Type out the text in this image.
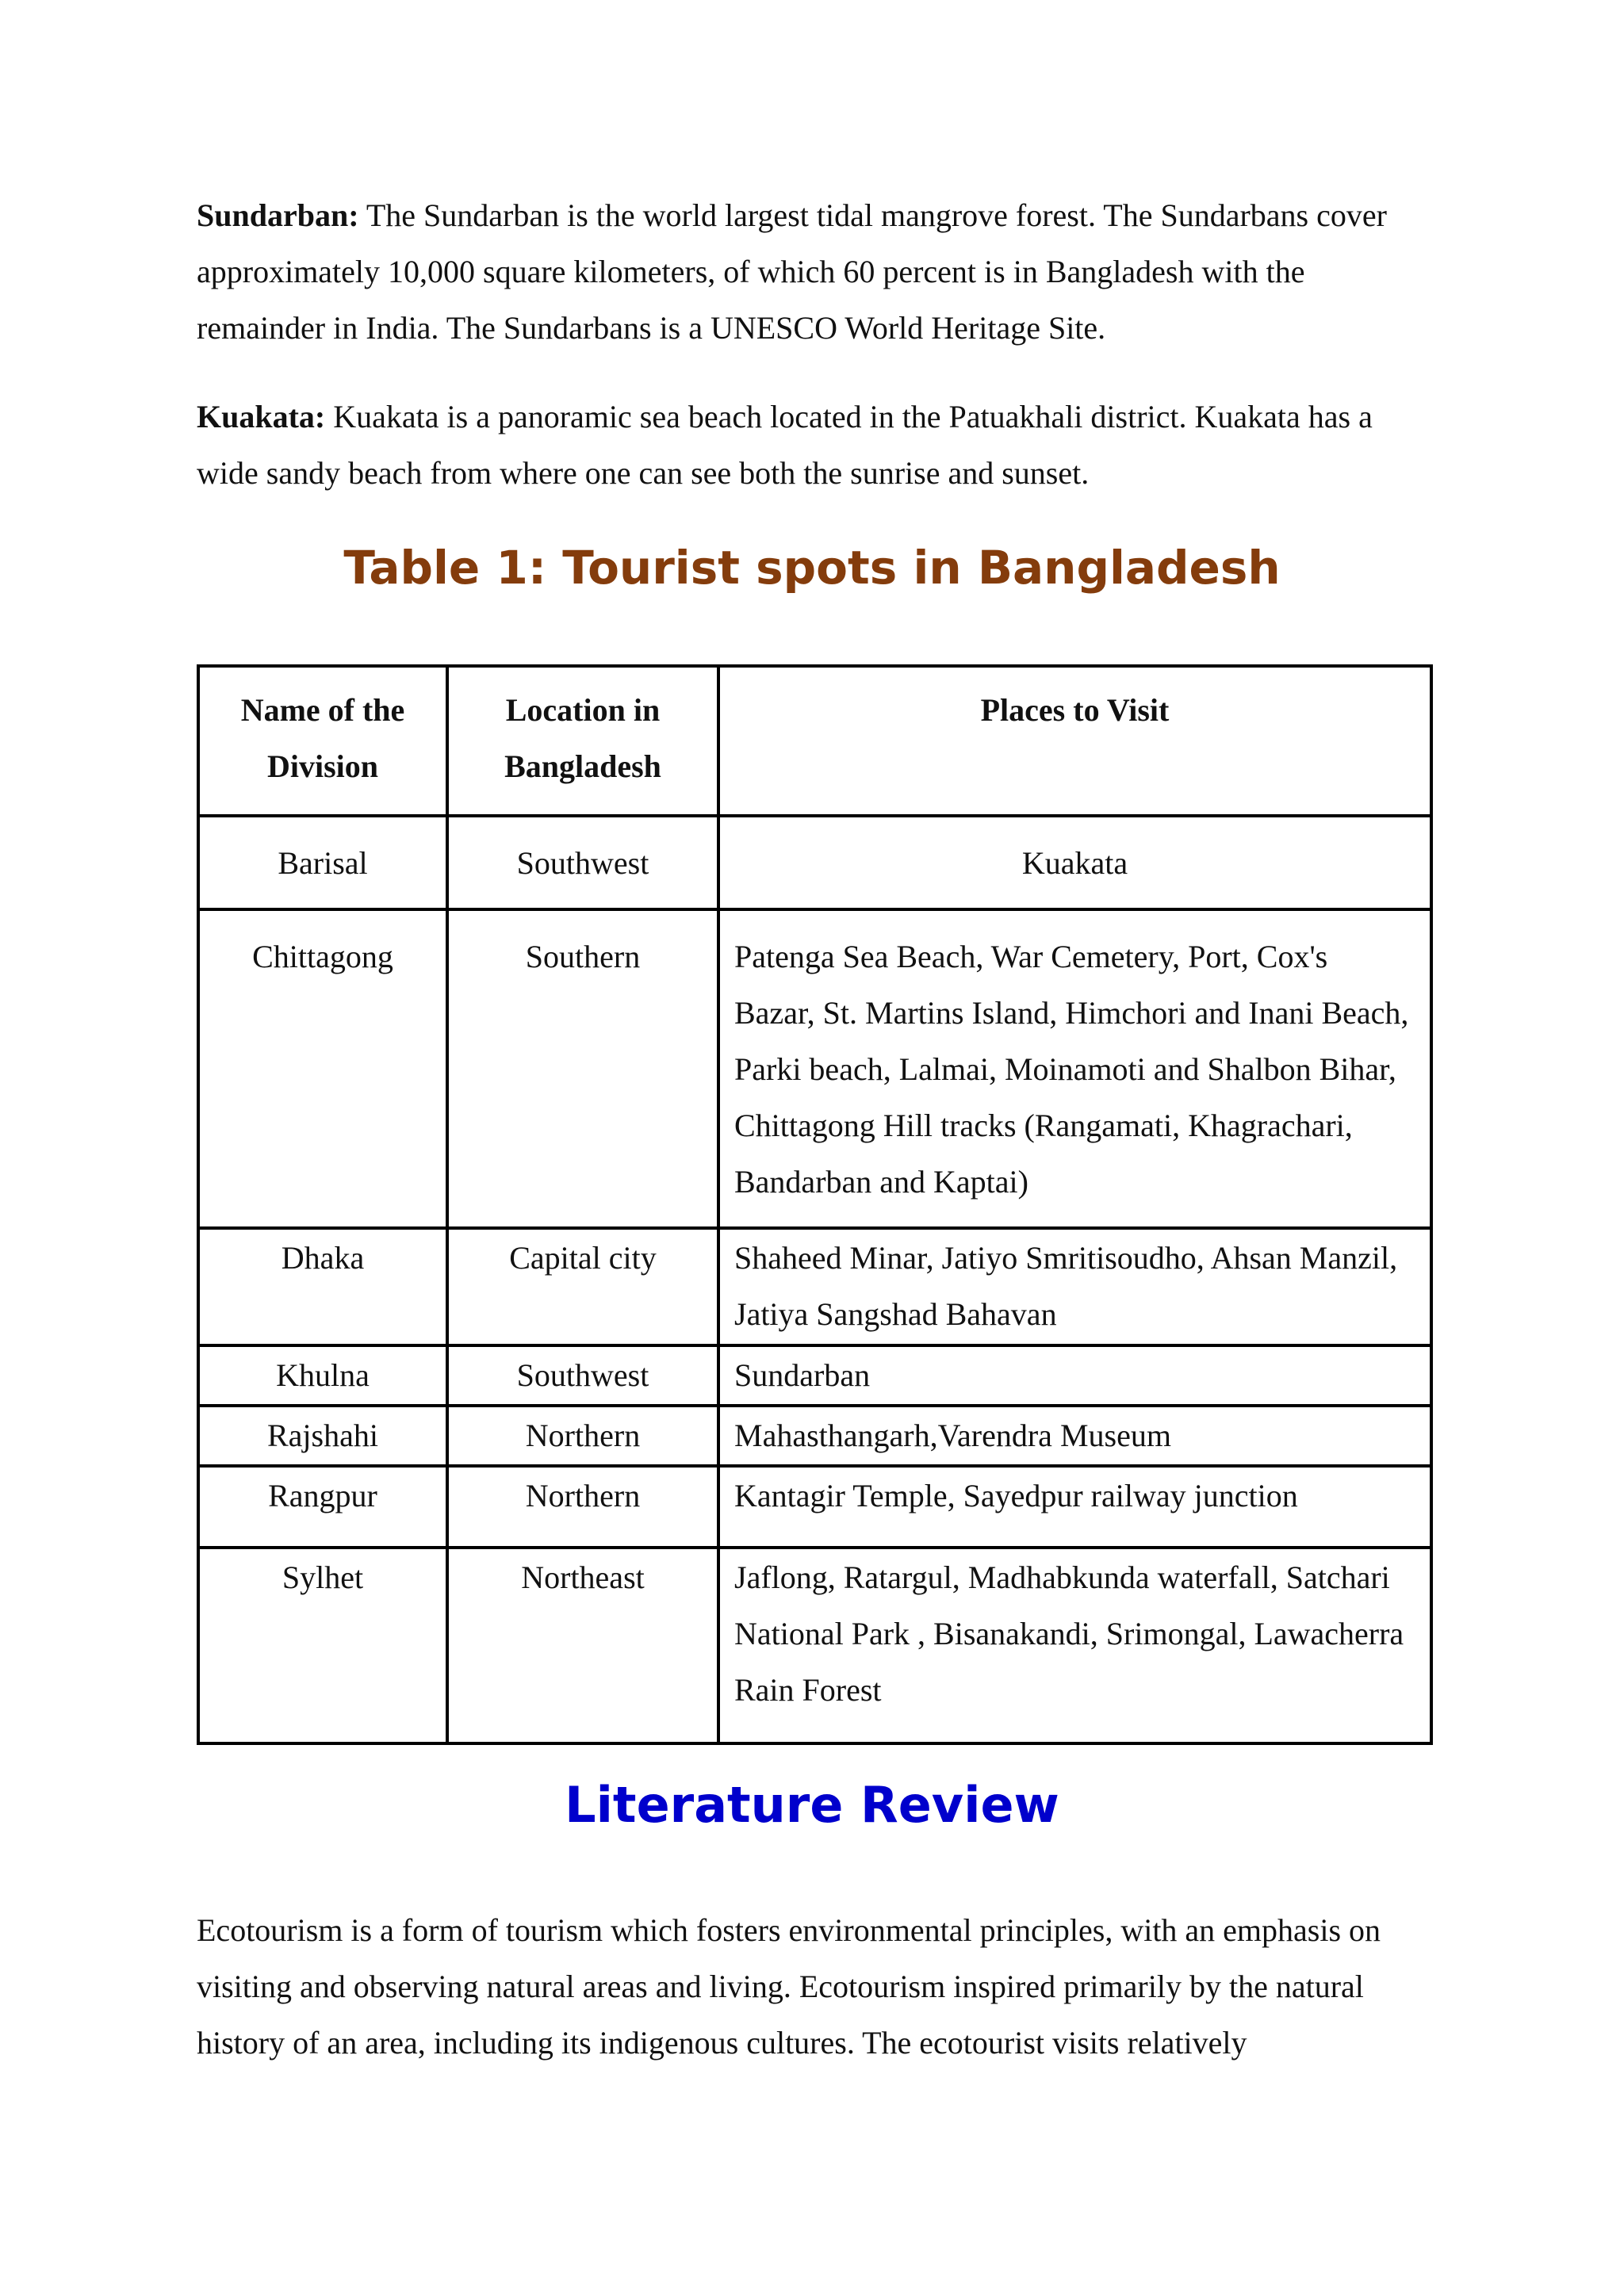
Sundarban: The Sundarban is the world largest tidal mangrove forest. The Sundarbans cover approximately 10,000 square kilometers, of which 60 percent is in Bangladesh with the remainder in India. The Sundarbans is a UNESCO World Heritage Site.

Kuakata: Kuakata is a panoramic sea beach located in the Patuakhali district. Kuakata has a wide sandy beach from where one can see both the sunrise and sunset.

Table 1: Tourist spots in Bangladesh
Name of the Division	Location in Bangladesh	Places to Visit
Barisal	Southwest	Kuakata
Chittagong	Southern	Patenga Sea Beach, War Cemetery, Port, Cox's Bazar, St. Martins Island, Himchori and Inani Beach, Parki beach, Lalmai, Moinamoti and Shalbon Bihar, Chittagong Hill tracks (Rangamati, Khagrachari, Bandarban and Kaptai)
Dhaka	Capital city	Shaheed Minar, Jatiyo Smritisoudho, Ahsan Manzil, Jatiya Sangshad Bahavan
Khulna	Southwest	Sundarban
Rajshahi	Northern	Mahasthangarh,Varendra Museum
Rangpur	Northern	Kantagir Temple, Sayedpur railway junction
Sylhet	Northeast	Jaflong, Ratargul, Madhabkunda waterfall, Satchari National Park , Bisanakandi, Srimongal, Lawacherra Rain Forest
Literature Review

Ecotourism is a form of tourism which fosters environmental principles, with an emphasis on visiting and observing natural areas and living. Ecotourism inspired primarily by the natural history of an area, including its indigenous cultures. The ecotourist visits relatively
